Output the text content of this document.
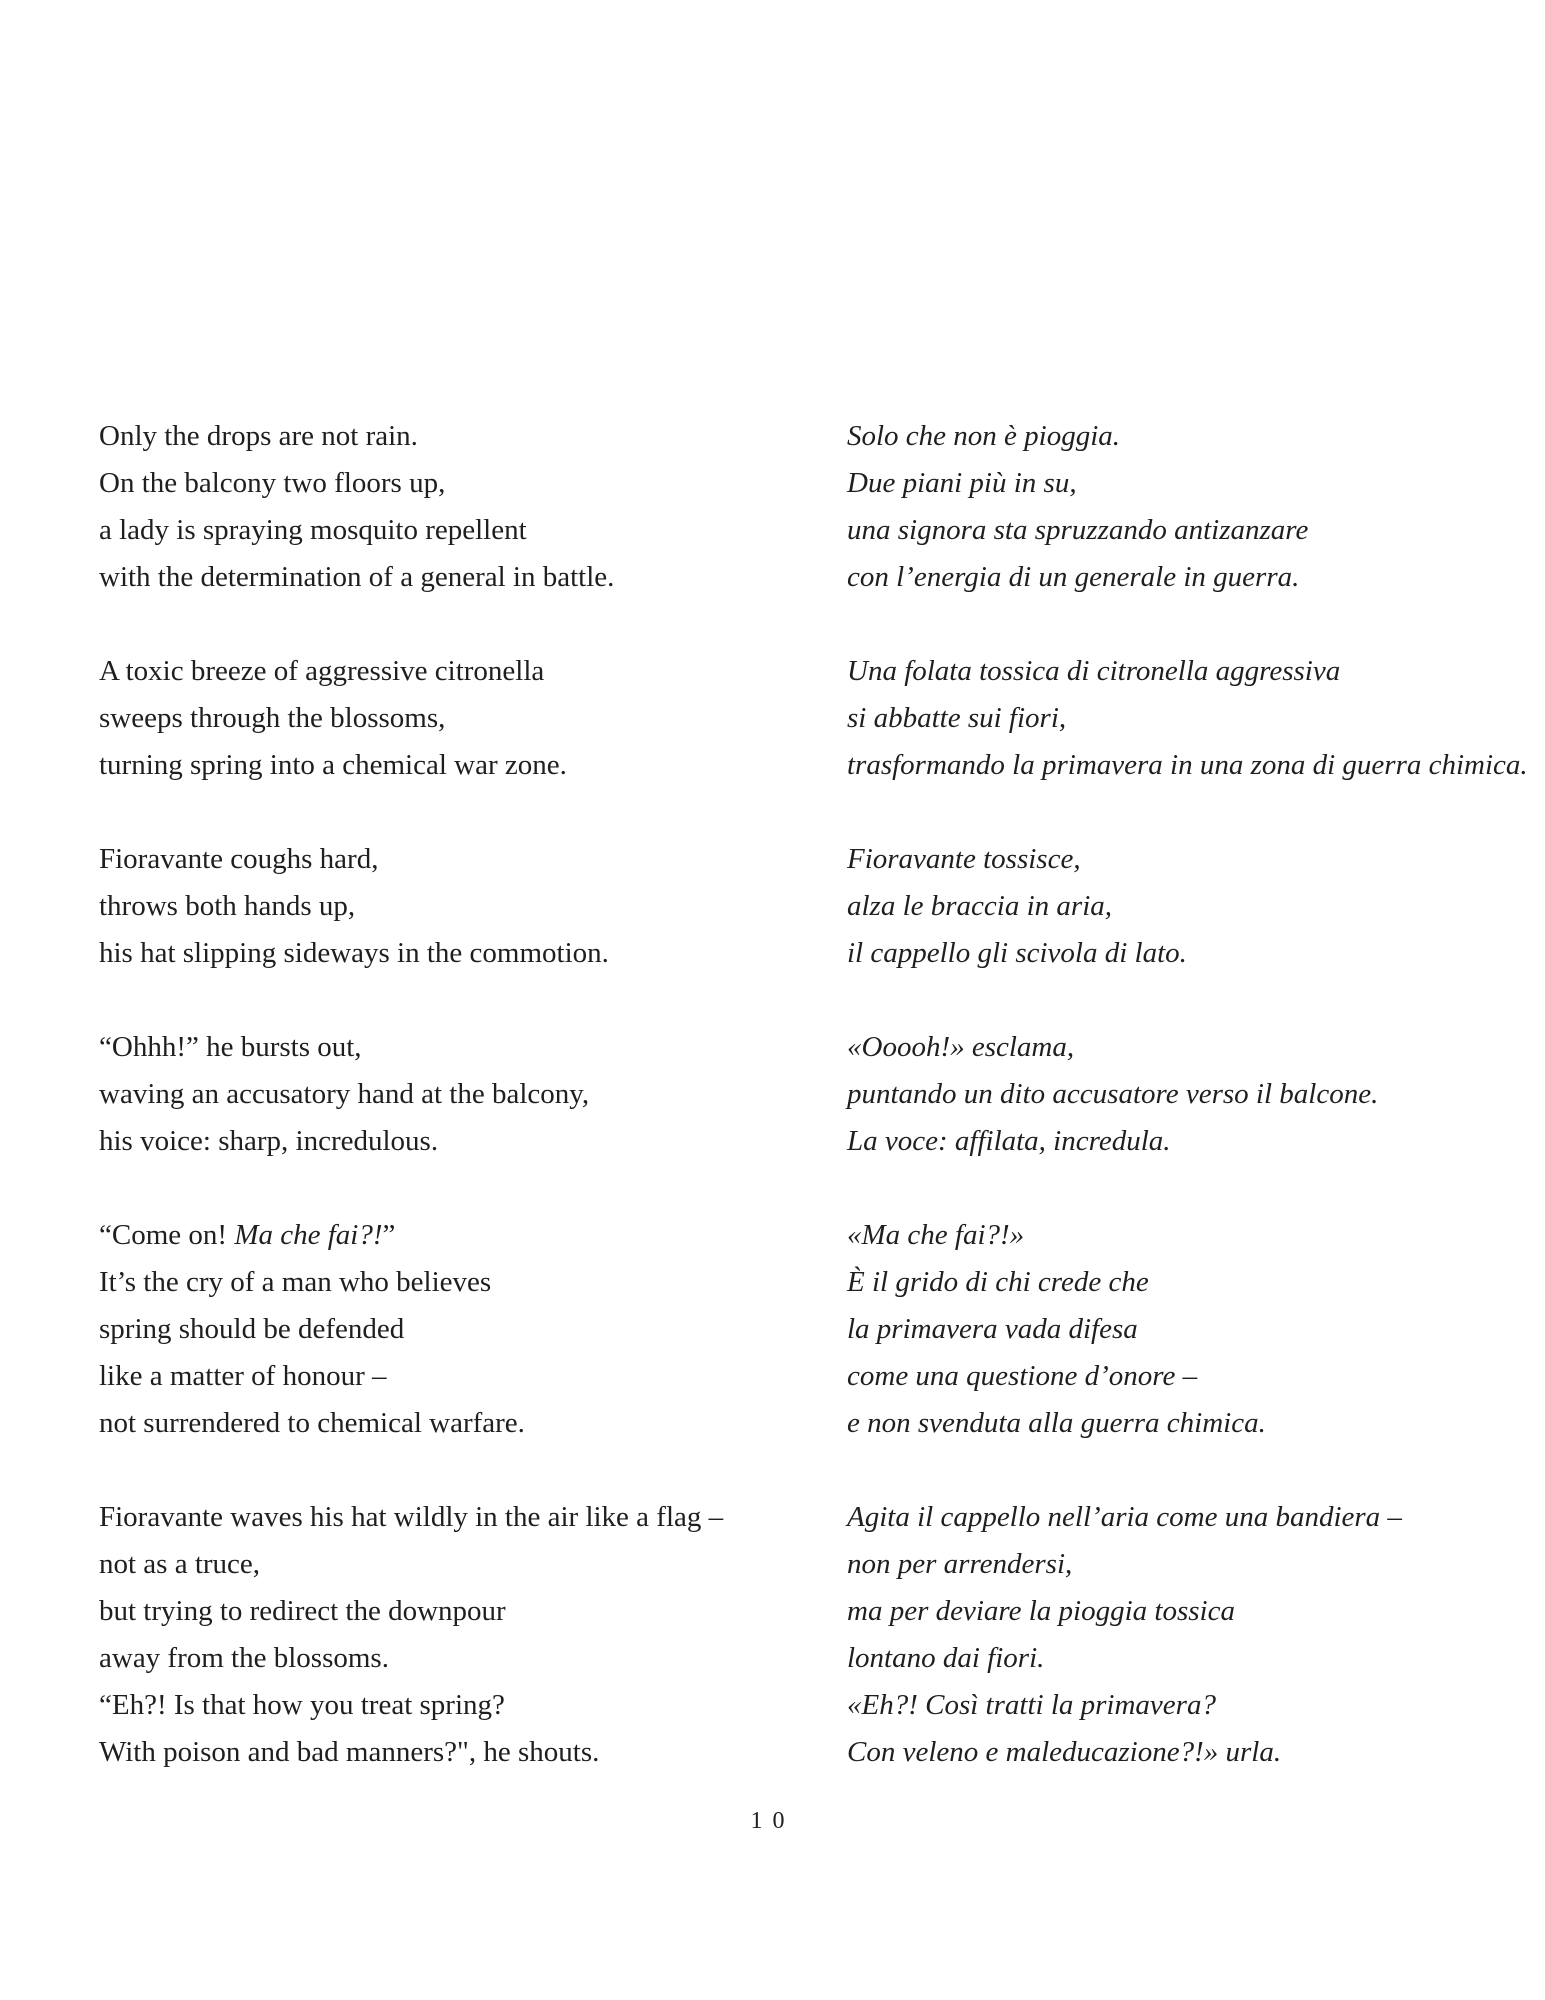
Only the drops are not rain.
On the balcony two floors up,
a lady is spraying mosquito repellent
with the determination of a general in battle.
A toxic breeze of aggressive citronella
sweeps through the blossoms,
turning spring into a chemical war zone.
Fioravante coughs hard,
throws both hands up,
his hat slipping sideways in the commotion.
“Ohhh!” he bursts out,
waving an accusatory hand at the balcony,
his voice: sharp, incredulous.
“Come on! Ma che fai?!”
It’s the cry of a man who believes
spring should be defended
like a matter of honour –
not surrendered to chemical warfare.
Fioravante waves his hat wildly in the air like a flag –
not as a truce,
but trying to redirect the downpour
away from the blossoms.
“Eh?! Is that how you treat spring?
With poison and bad manners?", he shouts.
Solo che non è pioggia.
Due piani più in su,
una signora sta spruzzando antizanzare
con l’energia di un generale in guerra.
Una folata tossica di citronella aggressiva
si abbatte sui fiori,
trasformando la primavera in una zona di guerra chimica.
Fioravante tossisce,
alza le braccia in aria,
il cappello gli scivola di lato.
«Ooooh!» esclama,
puntando un dito accusatore verso il balcone.
La voce: affilata, incredula.
«Ma che fai?!»
È il grido di chi crede che
la primavera vada difesa
come una questione d’onore –
e non svenduta alla guerra chimica.
Agita il cappello nell’aria come una bandiera –
non per arrendersi,
ma per deviare la pioggia tossica
lontano dai fiori.
«Eh?! Così tratti la primavera?
Con veleno e maleducazione?!» urla.
10
